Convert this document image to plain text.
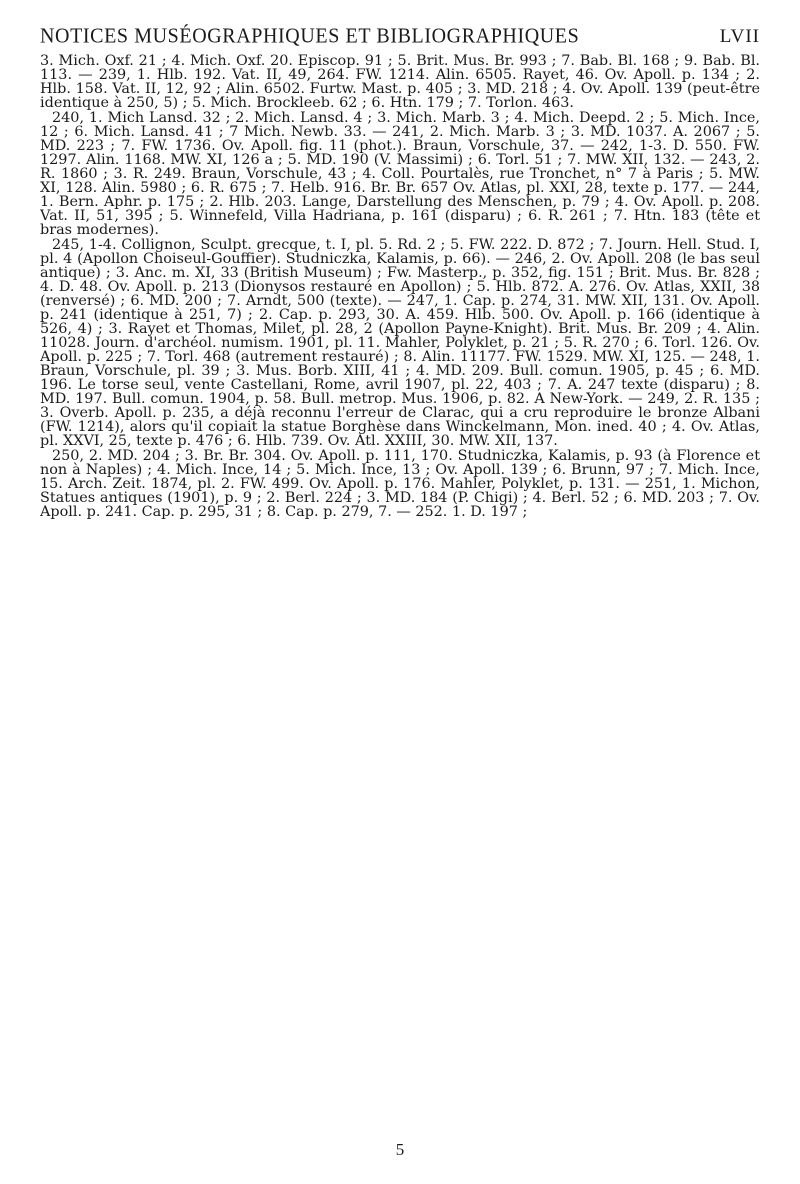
NOTICES MUSÉOGRAPHIQUES ET BIBLIOGRAPHIQUES	LVII

3. Mich. Oxf. 21 ; 4. Mich. Oxf. 20. Episcop. 91 ; 5. Brit. Mus. Br. 993 ; 7. Bab. Bl. 168 ; 9. Bab. Bl. 113. — 239, 1. Hlb. 192. Vat. II, 49, 264. FW. 1214. Alin. 6505. Rayet, 46. Ov. Apoll. p. 134 ; 2. Hlb. 158. Vat. II, 12, 92 ; Alin. 6502. Furtw. Mast. p. 405 ; 3. MD. 218 ; 4. Ov. Apoll. 139 (peut-être identique à 250, 5) ; 5. Mich. Brockleeb. 62 ; 6. Htn. 179 ; 7. Torlon. 463.

240, 1. Mich Lansd. 32 ; 2. Mich. Lansd. 4 ; 3. Mich. Marb. 3 ; 4. Mich. Deepd. 2 ; 5. Mich. Ince, 12 ; 6. Mich. Lansd. 41 ; 7 Mich. Newb. 33. — 241, 2. Mich. Marb. 3 ; 3. MD. 1037. A. 2067 ; 5. MD. 223 ; 7. FW. 1736. Ov. Apoll. fig. 11 (phot.). Braun, Vorschule, 37. — 242, 1-3. D. 550. FW. 1297. Alin. 1168. MW. XI, 126 a ; 5. MD. 190 (V. Massimi) ; 6. Torl. 51 ; 7. MW. XII, 132. — 243, 2. R. 1860 ; 3. R. 249. Braun, Vorschule, 43 ; 4. Coll. Pourtalès, rue Tronchet, n° 7 à Paris ; 5. MW. XI, 128. Alin. 5980 ; 6. R. 675 ; 7. Helb. 916. Br. Br. 657 Ov. Atlas, pl. XXI, 28, texte p. 177. — 244, 1. Bern. Aphr. p. 175 ; 2. Hlb. 203. Lange, Darstellung des Menschen, p. 79 ; 4. Ov. Apoll. p. 208. Vat. II, 51, 395 ; 5. Winnefeld, Villa Hadriana, p. 161 (disparu) ; 6. R. 261 ; 7. Htn. 183 (tête et bras modernes).

245, 1-4. Collignon, Sculpt. grecque, t. I, pl. 5. Rd. 2 ; 5. FW. 222. D. 872 ; 7. Journ. Hell. Stud. I, pl. 4 (Apollon Choiseul-Gouffier). Studniczka, Kalamis, p. 66). — 246, 2. Ov. Apoll. 208 (le bas seul antique) ; 3. Anc. m. XI, 33 (British Museum) ; Fw. Masterp., p. 352, fig. 151 ; Brit. Mus. Br. 828 ; 4. D. 48. Ov. Apoll. p. 213 (Dionysos restauré en Apollon) ; 5. Hlb. 872. A. 276. Ov. Atlas, XXII, 38 (renversé) ; 6. MD. 200 ; 7. Arndt, 500 (texte). — 247, 1. Cap. p. 274, 31. MW. XII, 131. Ov. Apoll. p. 241 (identique à 251, 7) ; 2. Cap. p. 293, 30. A. 459. Hlb. 500. Ov. Apoll. p. 166 (identique à 526, 4) ; 3. Rayet et Thomas, Milet, pl. 28, 2 (Apollon Payne-Knight). Brit. Mus. Br. 209 ; 4. Alin. 11028. Journ. d'archéol. numism. 1901, pl. 11. Mahler, Polyklet, p. 21 ; 5. R. 270 ; 6. Torl. 126. Ov. Apoll. p. 225 ; 7. Torl. 468 (autrement restauré) ; 8. Alin. 11177. FW. 1529. MW. XI, 125. — 248, 1. Braun, Vorschule, pl. 39 ; 3. Mus. Borb. XIII, 41 ; 4. MD. 209. Bull. comun. 1905, p. 45 ; 6. MD. 196. Le torse seul, vente Castellani, Rome, avril 1907, pl. 22, 403 ; 7. A. 247 texte (disparu) ; 8. MD. 197. Bull. comun. 1904, p. 58. Bull. metrop. Mus. 1906, p. 82. A New-York. — 249, 2. R. 135 ; 3. Overb. Apoll. p. 235, a déjà reconnu l'erreur de Clarac, qui a cru reproduire le bronze Albani (FW. 1214), alors qu'il copiait la statue Borghèse dans Winckelmann, Mon. ined. 40 ; 4. Ov. Atlas, pl. XXVI, 25, texte p. 476 ; 6. Hlb. 739. Ov. Atl. XXIII, 30. MW. XII, 137.

250, 2. MD. 204 ; 3. Br. Br. 304. Ov. Apoll. p. 111, 170. Studniczka, Kalamis, p. 93 (à Florence et non à Naples) ; 4. Mich. Ince, 14 ; 5. Mich. Ince, 13 ; Ov. Apoll. 139 ; 6. Brunn, 97 ; 7. Mich. Ince, 15. Arch. Zeit. 1874, pl. 2. FW. 499. Ov. Apoll. p. 176. Mahler, Polyklet, p. 131. — 251, 1. Michon, Statues antiques (1901), p. 9 ; 2. Berl. 224 ; 3. MD. 184 (P. Chigi) ; 4. Berl. 52 ; 6. MD. 203 ; 7. Ov. Apoll. p. 241. Cap. p. 295, 31 ; 8. Cap. p. 279, 7. — 252. 1. D. 197 ;

5
